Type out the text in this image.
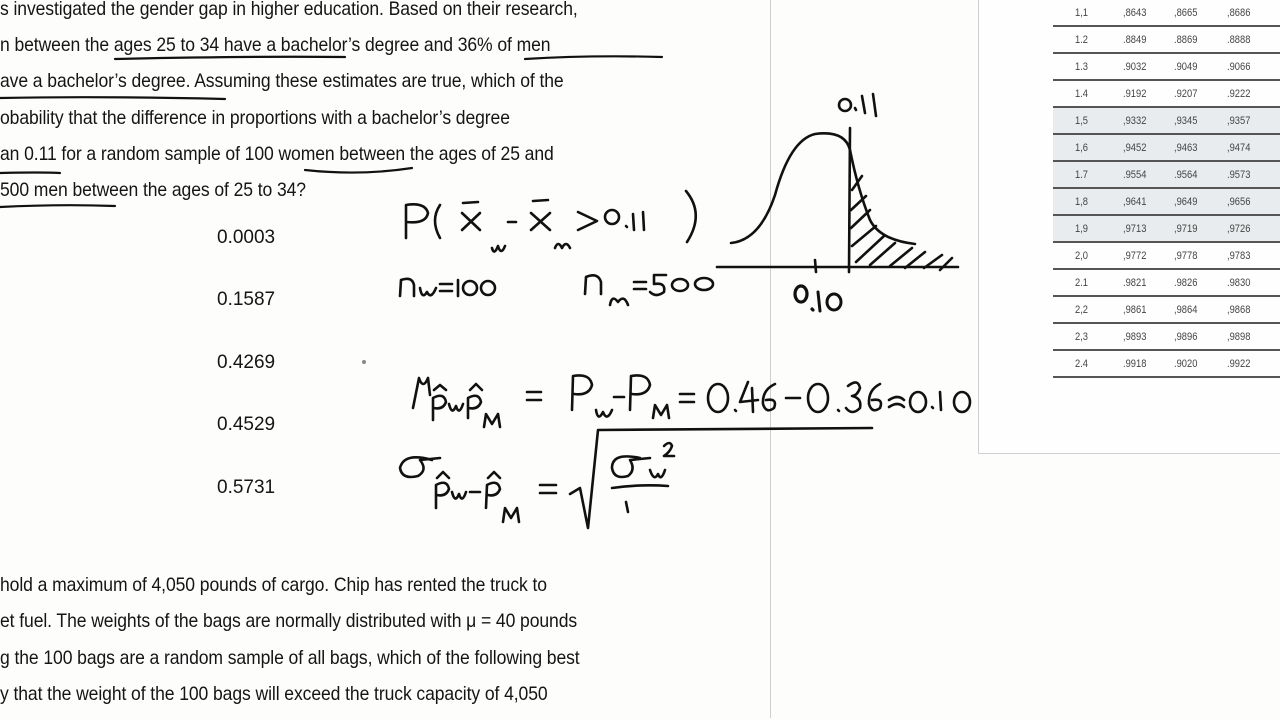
s investigated the gender gap in higher education. Based on their research,
n between the ages 25 to 34 have a bachelor’s degree and 36% of men
ave a bachelor’s degree. Assuming these estimates are true, which of the
obability that the difference in proportions with a bachelor’s degree
an 0.11 for a random sample of 100 women between the ages of 25 and
500 men between the ages of 25 to 34?
0.0003
0.1587
0.4269
0.4529
0.5731
hold a maximum of 4,050 pounds of cargo. Chip has rented the truck to
et fuel. The weights of the bags are normally distributed with μ = 40 pounds
g the 100 bags are a random sample of all bags, which of the following best
y that the weight of the 100 bags will exceed the truck capacity of 4,050
1,1	,8643	,8665	,8686
1.2	.8849	.8869	.8888
1.3	.9032	.9049	.9066
1.4	.9192	.9207	.9222
1,5	,9332	,9345	,9357
1,6	,9452	,9463	,9474
1.7	.9554	.9564	.9573
1,8	,9641	,9649	,9656
1,9	,9713	,9719	,9726
2,0	,9772	,9778	,9783
2.1	.9821	.9826	.9830
2,2	,9861	,9864	,9868
2,3	,9893	,9896	,9898
2.4	.9918	.9020	.9922
